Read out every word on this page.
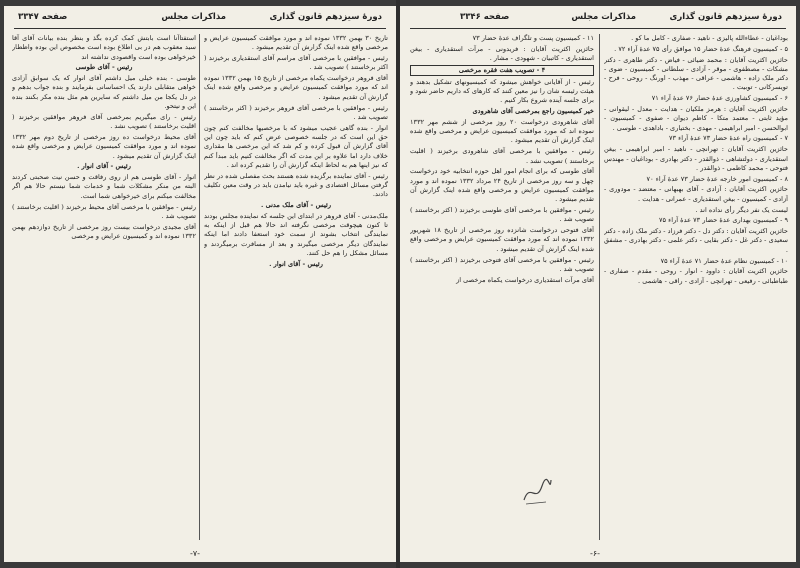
دورهٔ سیزدهم قانون گذاری
مذاکرات مجلس
صفحه ۳۳۴۷

تاریخ ۳۰ بهمن ۱۳۳۲ نموده اند و مورد موافقت کمیسیون عرایض و مرخصی واقع شده اینک گزارش آن تقدیم میشود .

رئیس - موافقین با مرخصی آقای مراسم آقای استقدیاری برخیزند ( اکثر برخاستند ) تصویب شد .

آقای فروهر درخواست یکماه مرخصی از تاریخ ۱۵ بهمن ۱۳۳۲ نموده اند که مورد موافقت کمیسیون عرایض و مرخصی واقع شده اینک گزارش آن تقدیم میشود .

رئیس - موافقین با مرخصی آقای فروهر برخیزند ( اکثر برخاستند ) تصویب شد .

انوار - بنده گاهی عجیب میشود که با مرخصیها مخالفت کنم چون حق این است که در جلسه خصوصی عرض کنم که باید چون این آقای گزارش آن قبول کرده و کم شد که این مرخصی ها مقداری خلاف دارد اما علاوه بر این مدت که اگر مخالفت کنیم باید مبدأ کنم که نیز اینها هم به لحاظ اینکه گزارش آن را تقدیم کرده اند .

رئیس - آقای نماینده برگزیده شده هستند بحث مفصلی شده در نظر گرفتن مسائل اقتصادی و غیره باید نیامدن باید در وقت معین تکلیف دادند.

رئیس - آقای ملک مدنی .

ملک‌مدنی - آقای فروهر در ابتدای این جلسه که نماینده مجلس بودند تا کنون هیچوقت مرخصی نگرفته اند حالا هم قبل از اینکه به نمایندگی انتخاب بشوند از سمت خود استعفا دادند اما اینکه نمایندگان دیگر مرخصی میگیرند و بعد از مسافرت برمیگردند و مسائل مشکل را هم حل کنند.

رئیس - آقای انوار .

استفتاآنا است بابتش کمک کرده بگذ و بنظر بنده بیانات آقای آقا سید معقوب هم در بی اطلاع بوده است مخصوص این بوده واظطار خیرخواهی بوده است واقصودی نداشته اند

رئیس - آقای طوسی

طوسی - بنده خیلی میل داشتم آقای انوار که یک سوابق آزادی خواهی متقابلی دارند یک احساسانی بفرمایند و بنده جواب بدهم و در دل یکجا من میل داشتم که سایرین هم مثل بنده مکر بکنند بنده این و نیتحو.

رئیس - رای میگیریم بمرخصی آقای فروهر موافقین برخیزند ( اقلیت برخاستند ) تصویب نشد .

آقای محیط درخواست ده روز مرخصی از تاریخ دوم مهر ۱۳۳۲ نموده اند و مورد موافقت کمیسیون عرایض و مرخصی واقع شده اینک گزارش آن تقدیم میشود .

رئیس - آقای انوار .

انوار - آقای طوسی هم از روی رفاقت و حسن نیت صحبتی کردند البته من منکر مشکلات شما و خدمات شما نیستم حالا هم اگر مخالفت میکنم برای خیرخواهی شما است.

رئیس - موافقین با مرخصی آقای محیط برخیزند ( اقلیت برخاستند ) تصویب شد .

آقای مجیدی درخواست بیست روز مرخصی از تاریخ دوازدهم بهمن ۱۳۳۲ نموده اند و کمیسیون عرایض و مرخصی

-۷-
دورهٔ سیزدهم قانون گذاری
مذاکرات مجلس
صفحه ۳۳۴۶

بوداغیان - عطاءالله پالیزی - ناهید - صفاری - کامل ما کو .

۵ - کمیسیون فرهنگ عدهٔ حضار ۱۵ موافق رأی ۷۵ عدهٔ آراء ۷۲ .

حائزین اکثریت آقایان : محمد ضیائی - فیاض - دکتر طاهری - دکتر مشکات - مصطفوی - موقر - آزادی - سلطانی - کمیسیون - ضوی - دکتر ملک زاده - هاشمی - عراقی - مهذب - اورنگ - روحی - فرح - تویسرکانی - توبیت .

۶ - کمیسیون کشاورزی عدهٔ حضار ۷۶ عدهٔ آراء ۷۱

حائزین اکثریت آقایان : هرمز ملکیان - هدایت - معدل - لیقوانی - مؤید ثابتی - معتمد متکا - کاظم دیوان - صفوی - کمیسیون - ابوالحسن - امیر ابراهیمی - مهدی - بختیاری - باداهدی - طوسی .

۷ - کمیسیون راه عدهٔ حضار ۷۳ عدهٔ آراء ۷۳

حائزین اکثریت آقایان : تهرانچی - ناهید - امیر ابراهیمی - بیغن استقدیاری - دولتشاهی - ذوالقدر - دکتر بهادری - بوداغیان - مهندس فتوحی - محمد کاظمی - ذوالقدر .

۸ - کمیسیون امور خارجه عدهٔ حضار ۷۳ عدهٔ آراء ۷۰

حائزین اکثریت آقایان : آزادی - آقای بهبهانی - معتضد - مودوری - آزادی - کمیسیون - بیغن استقدیاری - عمرانی - هدایت .

لیست یک نفر دیگر رأی نداده اند .

۹ - کمیسیون بهداری عدهٔ حضار ۷۳ عدهٔ آراء ۷۵

حائزین اکثریت آقایان : دکتر دل - دکتر فرزاد - دکتر ملک زاده - دکتر سعیدی - دکتر غل - دکتر بقایی - دکتر علمی - دکتر بهادری - مشفق .

۱۰ - کمیسیون نظام عدهٔ حضار ۷۱ عدهٔ آراء ۷۵

حائزین اکثریت آقایان : داوود - انوار - روحی - مقدم - صفاری - طباطبائی - رفیعی - تهرانچی - آزادی - راقی - هاشمی .

۱۱ - کمیسیون پست و تلگراف عدهٔ حضار ۷۳

حائزین اکثریت آقایان : فریدونی - مرآت استقدیاری - بیغن استقدیاری - کاتبیان - شهودی - مشار .

۴ - تصویب هفت فقره مرخصی

رئیس - از آقایانی خواهش میشود که کمیسیونهای تشکیل بدهند و هیئت رئیسه شان را نیز معین کنند که کارهای که داریم حاضر شود و برای جلسه آینده شروع بکار کنیم .

خیر کمیسیون راجع بمرخصی آقای شاهرودی

آقای شاهرودی درخواست ۲۰ روز مرخصی از ششم مهر ۱۳۳۲ نموده اند که مورد موافقت کمیسیون عرایض و مرخصی واقع شده اینک گزارش آن تقدیم میشود .

رئیس - موافقین با مرخصی آقای شاهرودی برخیزند ( اقلیت برخاستند ) تصویب نشد .

آقای طوسی که برای انجام امور اهل حوزه انتخابیه خود درخواست چهل و سه روز مرخصی از تاریخ ۲۴ مرداد ۱۳۳۲ نموده اند و مورد موافقت کمیسیون عرایض و مرخصی واقع شده اینک گزارش آن تقدیم میشود .

رئیس - موافقین با مرخصی آقای طوسی برخیزند ( اکثر برخاستند ) تصویب شد .

آقای فتوحی درخواست شانزده روز مرخصی از تاریخ ۱۸ شهریور ۱۳۳۲ نموده اند که مورد موافقت کمیسیون عرایض و مرخصی واقع شده اینک گزارش آن تقدیم میشود .

رئیس - موافقین با مرخصی آقای فتوحی برخیزند ( اکثر برخاستند ) تصویب شد .

آقای مرآت استقدیاری درخواست یکماه مرخصی از

-۶-
